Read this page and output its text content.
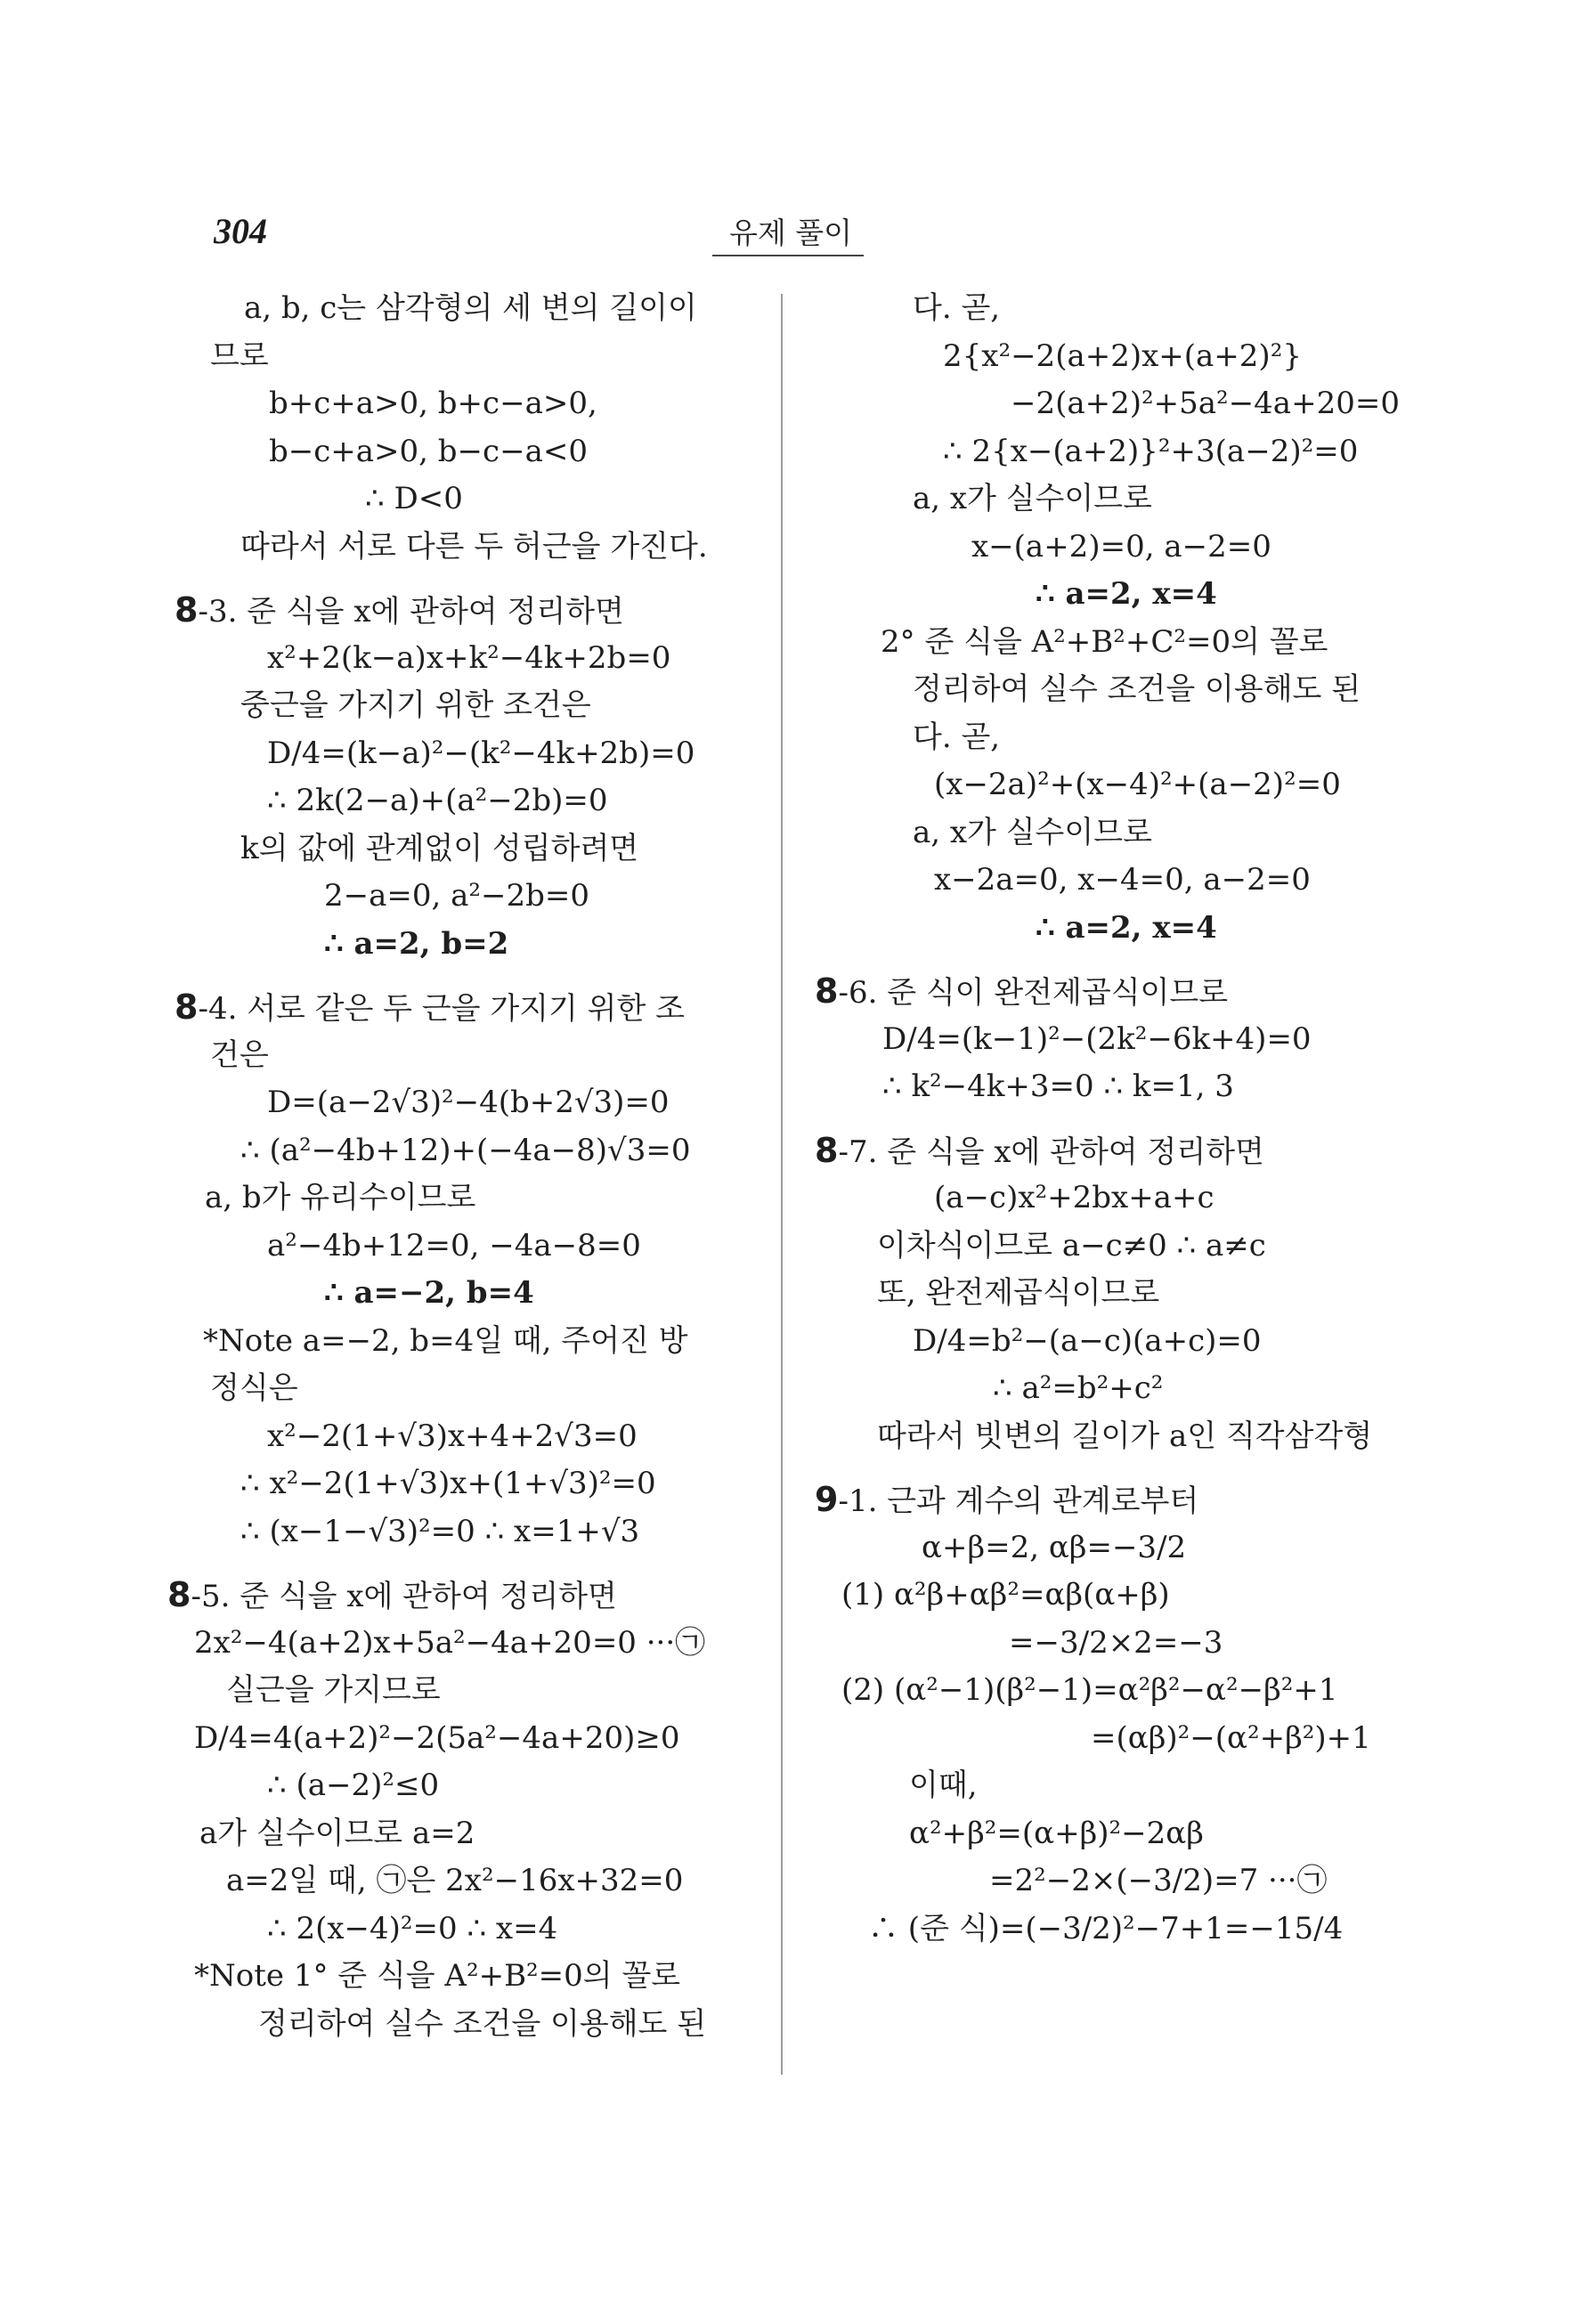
304	유제 풀이
a, b, c는 삼각형의 세 변의 길이이
므로
b+c+a>0, b+c−a>0,
b−c+a>0, b−c−a<0
∴ D<0
따라서 서로 다른 두 허근을 가진다.
8-3. 준 식을 x에 관하여 정리하면
x²+2(k−a)x+k²−4k+2b=0
중근을 가지기 위한 조건은
D/4=(k−a)²−(k²−4k+2b)=0
∴ 2k(2−a)+(a²−2b)=0
k의 값에 관계없이 성립하려면
2−a=0, a²−2b=0
∴ a=2, b=2
8-4. 서로 같은 두 근을 가지기 위한 조
건은
D=(a−2√3)²−4(b+2√3)=0
∴ (a²−4b+12)+(−4a−8)√3=0
a, b가 유리수이므로
a²−4b+12=0, −4a−8=0
∴ a=−2, b=4
*Note a=−2, b=4일 때, 주어진 방
정식은
x²−2(1+√3)x+4+2√3=0
∴ x²−2(1+√3)x+(1+√3)²=0
∴ (x−1−√3)²=0 ∴ x=1+√3
8-5. 준 식을 x에 관하여 정리하면
2x²−4(a+2)x+5a²−4a+20=0 ···㉠
실근을 가지므로
D/4=4(a+2)²−2(5a²−4a+20)≥0
∴ (a−2)²≤0
a가 실수이므로 a=2
a=2일 때, ㉠은 2x²−16x+32=0
∴ 2(x−4)²=0 ∴ x=4
*Note 1° 준 식을 A²+B²=0의 꼴로
정리하여 실수 조건을 이용해도 된
다. 곧,
2{x²−2(a+2)x+(a+2)²}
−2(a+2)²+5a²−4a+20=0
∴ 2{x−(a+2)}²+3(a−2)²=0
a, x가 실수이므로
x−(a+2)=0, a−2=0
∴ a=2, x=4
2° 준 식을 A²+B²+C²=0의 꼴로
정리하여 실수 조건을 이용해도 된
다. 곧,
(x−2a)²+(x−4)²+(a−2)²=0
a, x가 실수이므로
x−2a=0, x−4=0, a−2=0
∴ a=2, x=4
8-6. 준 식이 완전제곱식이므로
D/4=(k−1)²−(2k²−6k+4)=0
∴ k²−4k+3=0 ∴ k=1, 3
8-7. 준 식을 x에 관하여 정리하면
(a−c)x²+2bx+a+c
이차식이므로 a−c≠0 ∴ a≠c
또, 완전제곱식이므로
D/4=b²−(a−c)(a+c)=0
∴ a²=b²+c²
따라서 빗변의 길이가 a인 직각삼각형
9-1. 근과 계수의 관계로부터
α+β=2, αβ=−3/2
(1) α²β+αβ²=αβ(α+β)
=−3/2×2=−3
(2) (α²−1)(β²−1)=α²β²−α²−β²+1
=(αβ)²−(α²+β²)+1
이때,
α²+β²=(α+β)²−2αβ
=2²−2×(−3/2)=7 ···㉠
∴ (준 식)=(−3/2)²−7+1=−15/4
